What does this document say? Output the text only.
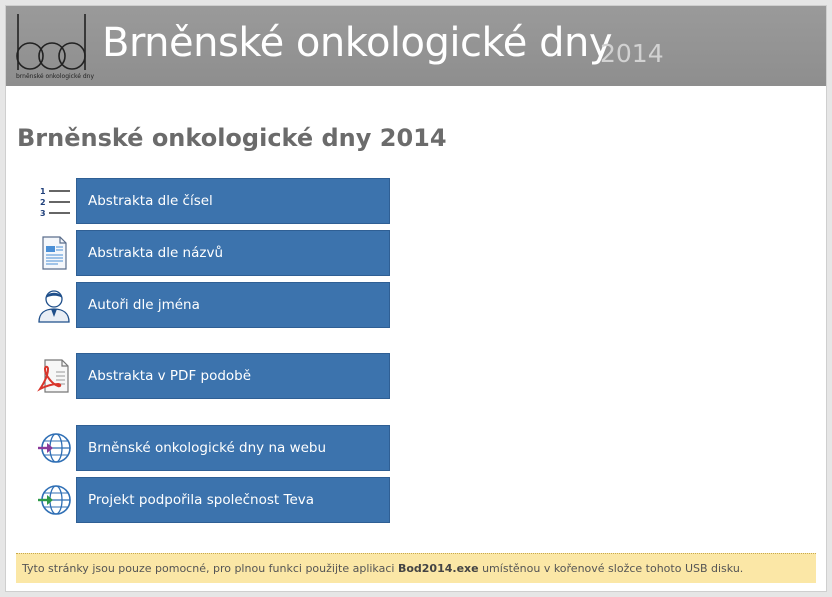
brněnské onkologické dny
Brněnské onkologické dny
2014
Brněnské onkologické dny 2014
1
2
3
Abstrakta dle čísel
Abstrakta dle názvů
Autoři dle jména
Abstrakta v PDF podobě
Brněnské onkologické dny na webu
Projekt podpořila společnost Teva
Tyto stránky jsou pouze pomocné, pro plnou funkci použijte aplikaci Bod2014.exe umístěnou v kořenové složce tohoto USB disku.
